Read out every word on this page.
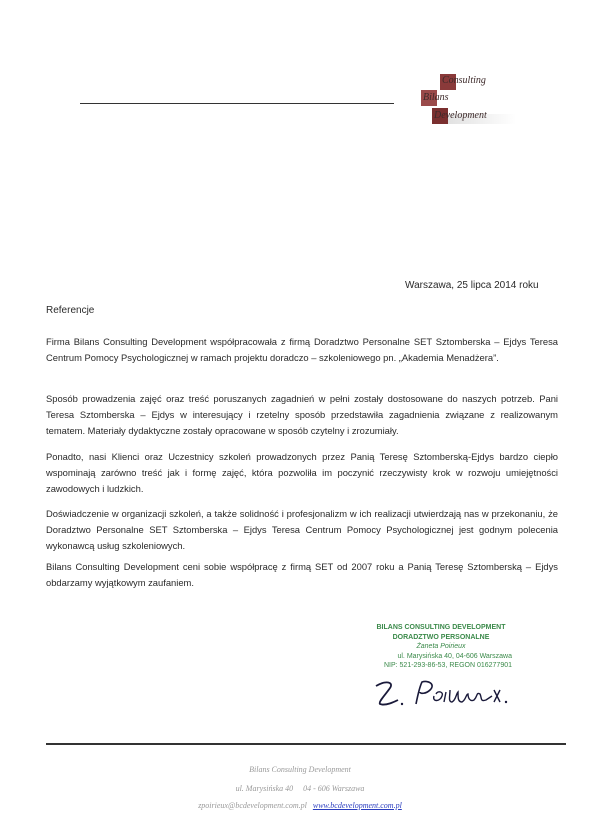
Consulting
Bilans
Development
Warszawa, 25 lipca 2014 roku
Referencje

Firma Bilans Consulting Development współpracowała z firmą Doradztwo Personalne SET Sztomberska – Ejdys Teresa Centrum Pomocy Psychologicznej w ramach projektu doradczo – szkoleniowego pn. „Akademia Menadżera”.

Sposób prowadzenia zajęć oraz treść poruszanych zagadnień w pełni zostały dostosowane do naszych potrzeb. Pani Teresa Sztomberska – Ejdys w interesujący i rzetelny sposób przedstawiła zagadnienia związane z realizowanym tematem. Materiały dydaktyczne zostały opracowane w sposób czytelny i zrozumiały.

Ponadto, nasi Klienci oraz Uczestnicy szkoleń prowadzonych przez Panią Teresę Sztomberską-Ejdys bardzo ciepło wspominają zarówno treść jak i formę zajęć, która pozwoliła im poczynić rzeczywisty krok w rozwoju umiejętności zawodowych i ludzkich.

Doświadczenie w organizacji szkoleń, a także solidność i profesjonalizm w ich realizacji utwierdzają nas w przekonaniu, że Doradztwo Personalne SET Sztomberska – Ejdys Teresa Centrum Pomocy Psychologicznej jest godnym polecenia wykonawcą usług szkoleniowych.

Bilans Consulting Development ceni sobie współpracę z firmą SET od 2007 roku a Panią Teresę Sztomberską – Ejdys obdarzamy wyjątkowym zaufaniem.

BILANS CONSULTING DEVELOPMENT
DORADZTWO PERSONALNE
Żaneta Poirieux
ul. Marysińska 40, 04-606 Warszawa
NIP: 521-293-86-53, REGON 016277901
Bilans Consulting Development
ul. Marysińska 40 04 - 606 Warszawa
zpoirieux@bcdevelopment.com.pl www.bcdevelopment.com.pl
